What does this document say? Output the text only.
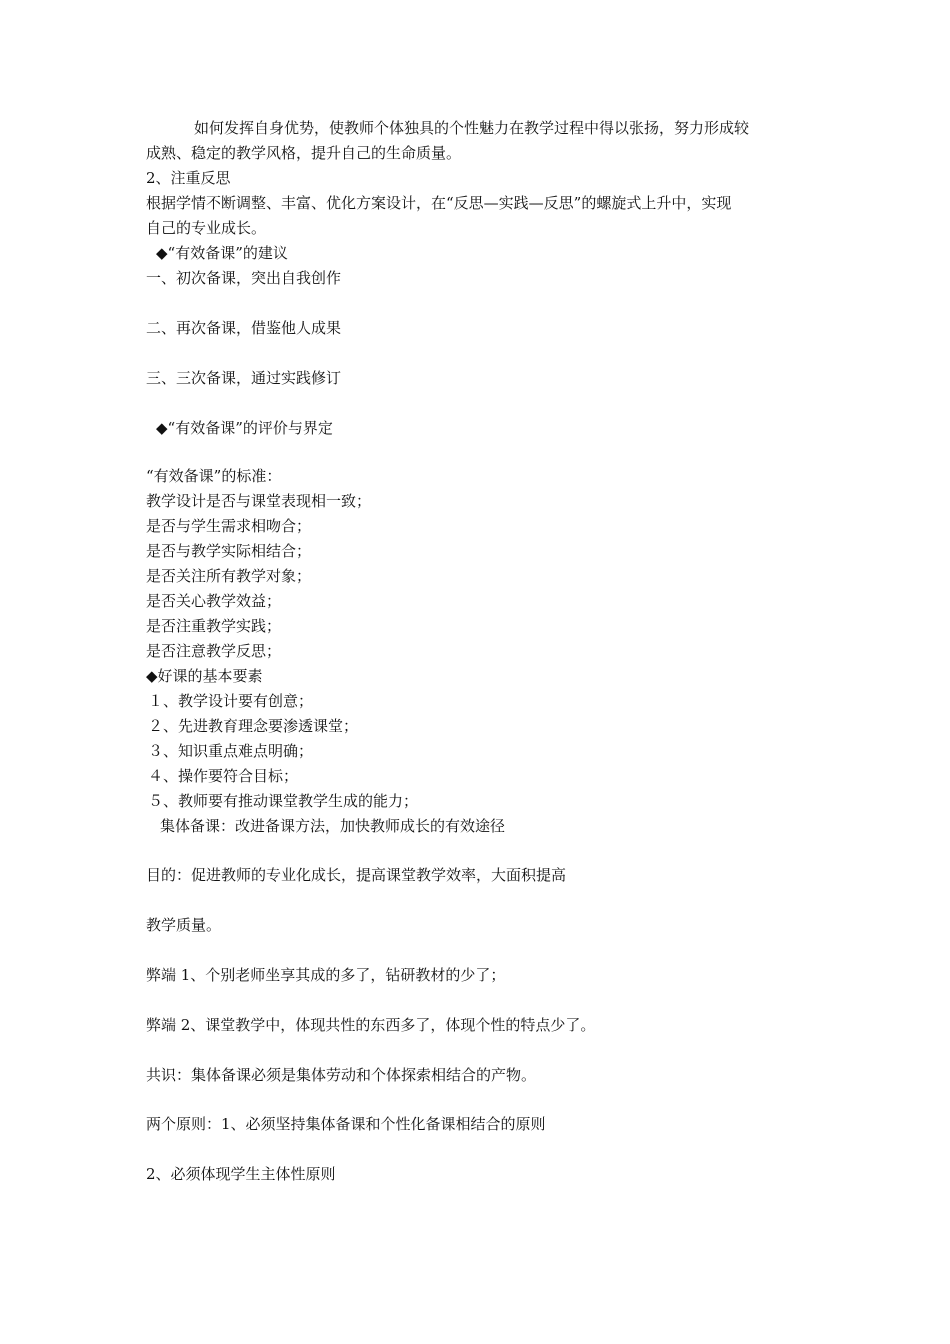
如何发挥自身优势，使教师个体独具的个性魅力在教学过程中得以张扬，努力形成较
成熟、稳定的教学风格，提升自己的生命质量。
2、注重反思
根据学情不断调整、丰富、优化方案设计，在“反思—实践—反思”的螺旋式上升中，实现
自己的专业成长。
◆“有效备课”的建议
一、初次备课，突出自我创作
二、再次备课，借鉴他人成果
三、三次备课，通过实践修订
◆“有效备课”的评价与界定
“有效备课”的标准：
教学设计是否与课堂表现相一致；
是否与学生需求相吻合；
是否与教学实际相结合；
是否关注所有教学对象；
是否关心教学效益；
是否注重教学实践；
是否注意教学反思；
◆好课的基本要素
１、教学设计要有创意；
２、先进教育理念要渗透课堂；
３、知识重点难点明确；
４、操作要符合目标；
５、教师要有推动课堂教学生成的能力；
集体备课：改进备课方法，加快教师成长的有效途径
目的：促进教师的专业化成长，提高课堂教学效率，大面积提高
教学质量。
弊端 1、个别老师坐享其成的多了，钻研教材的少了；
弊端 2、课堂教学中，体现共性的东西多了，体现个性的特点少了。
共识：集体备课必须是集体劳动和个体探索相结合的产物。
两个原则：1、必须坚持集体备课和个性化备课相结合的原则
2、必须体现学生主体性原则
